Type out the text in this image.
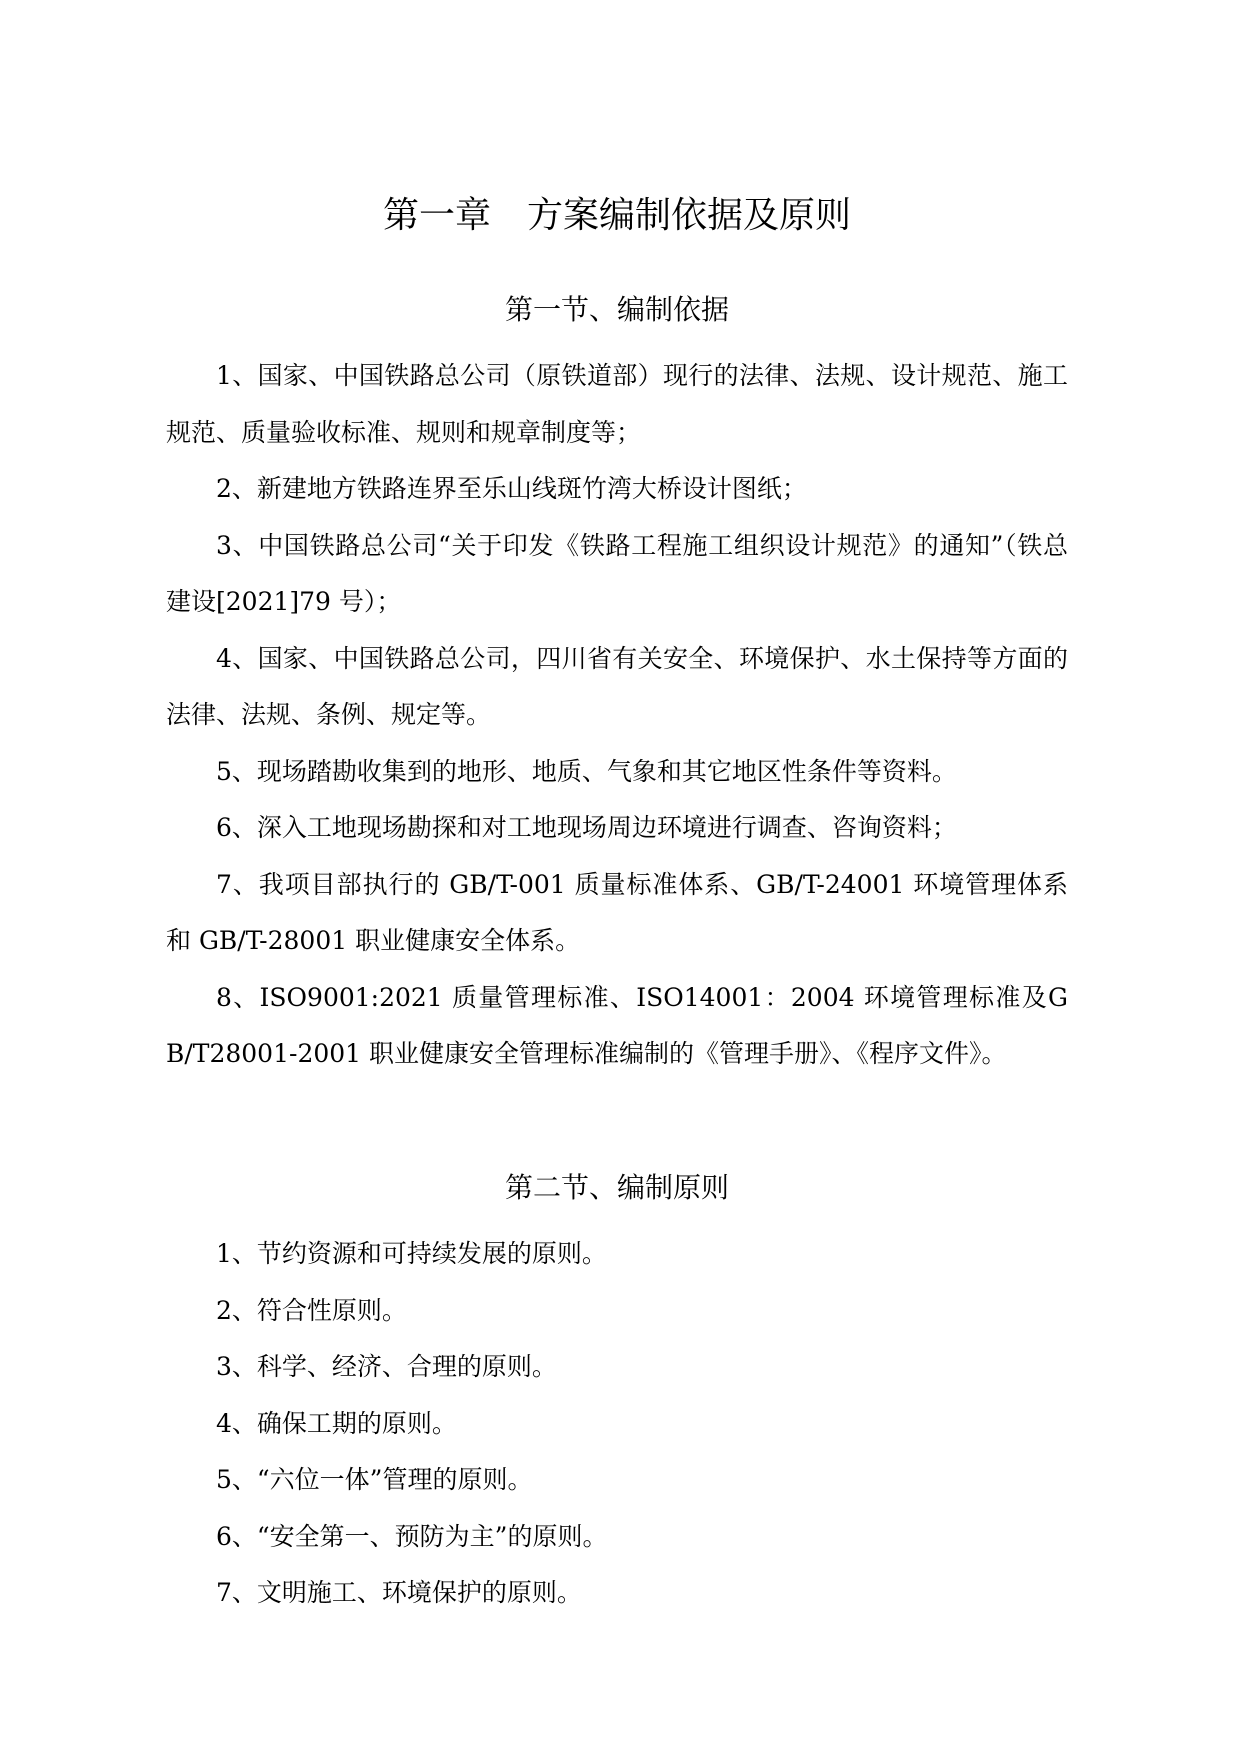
第一章　方案编制依据及原则
第一节、编制依据

1、国家、中国铁路总公司（原铁道部）现行的法律、法规、设计规范、施工规范、质量验收标准、规则和规章制度等；

2、新建地方铁路连界至乐山线斑竹湾大桥设计图纸；

3、中国铁路总公司“关于印发《铁路工程施工组织设计规范》的通知”（铁总建设[2021]79 号）；

4、国家、中国铁路总公司，四川省有关安全、环境保护、水土保持等方面的法律、法规、条例、规定等。

5、现场踏勘收集到的地形、地质、气象和其它地区性条件等资料。

6、深入工地现场勘探和对工地现场周边环境进行调查、咨询资料；

7、我项目部执行的 GB/T-001 质量标准体系、GB/T-24001 环境管理体系和 GB/T-28001 职业健康安全体系。

8、ISO9001:2021 质量管理标准、ISO14001：2004 环境管理标准及GB/T28001-2001 职业健康安全管理标准编制的《管理手册》、《程序文件》。

第二节、编制原则

1、节约资源和可持续发展的原则。

2、符合性原则。

3、科学、经济、合理的原则。

4、确保工期的原则。

5、“六位一体”管理的原则。

6、“安全第一、预防为主”的原则。

7、文明施工、环境保护的原则。
